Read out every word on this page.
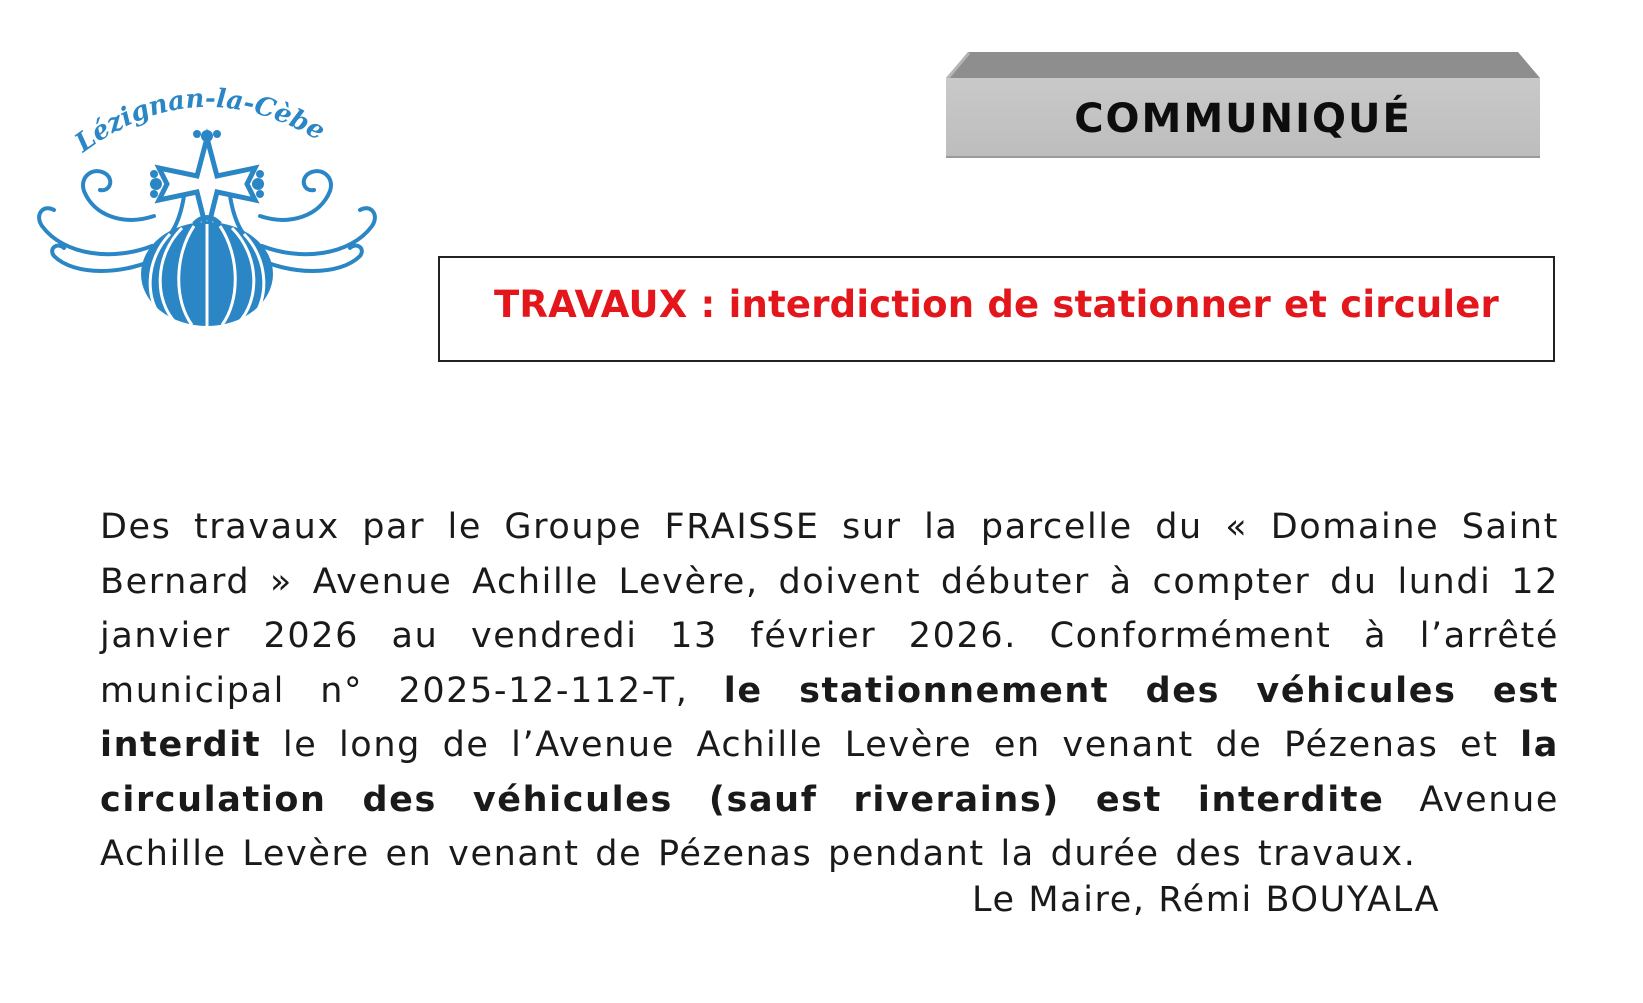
Lézignan-la-Cèbe	COMMUNIQUÉ
TRAVAUX : interdiction de stationner et circuler
Des travaux par le Groupe FRAISSE sur la parcelle du « Domaine Saint Bernard » Avenue Achille Levère, doivent débuter à compter du lundi 12 janvier 2026 au vendredi 13 février 2026. Conformément à l’arrêté municipal n° 2025-12-112-T, le stationnement des véhicules est interdit le long de l’Avenue Achille Levère en venant de Pézenas et la circulation des véhicules (sauf riverains) est interdite Avenue Achille Levère en venant de Pézenas pendant la durée des travaux.
Le Maire, Rémi BOUYALA
